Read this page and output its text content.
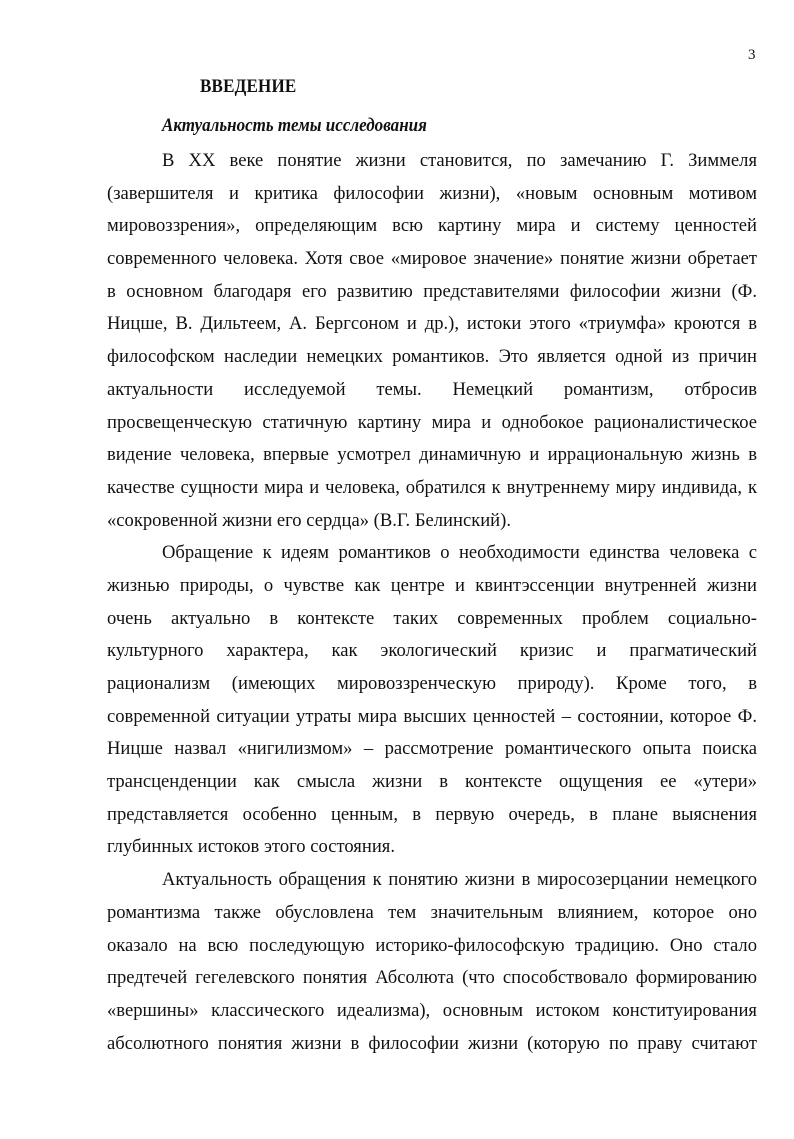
3
ВВЕДЕНИЕ
Актуальность темы исследования
В XX веке понятие жизни становится, по замечанию Г. Зиммеля
(завершителя и критика философии жизни), «новым основным мотивом
мировоззрения», определяющим всю картину мира и систему ценностей
современного человека. Хотя свое «мировое значение» понятие жизни обретает
в основном благодаря его развитию представителями философии жизни (Ф.
Ницше, В. Дильтеем, А. Бергсоном и др.), истоки этого «триумфа» кроются в
философском наследии немецких романтиков. Это является одной из причин
актуальности исследуемой темы. Немецкий романтизм, отбросив
просвещенческую статичную картину мира и однобокое рационалистическое
видение человека, впервые усмотрел динамичную и иррациональную жизнь в
качестве сущности мира и человека, обратился к внутреннему миру индивида, к
«сокровенной жизни его сердца» (В.Г. Белинский).
Обращение к идеям романтиков о необходимости единства человека с
жизнью природы, о чувстве как центре и квинтэссенции внутренней жизни
очень актуально в контексте таких современных проблем социально-
культурного характера, как экологический кризис и прагматический
рационализм (имеющих мировоззренческую природу). Кроме того, в
современной ситуации утраты мира высших ценностей – состоянии, которое Ф.
Ницше назвал «нигилизмом» – рассмотрение романтического опыта поиска
трансценденции как смысла жизни в контексте ощущения ее «утери»
представляется особенно ценным, в первую очередь, в плане выяснения
глубинных истоков этого состояния.
Актуальность обращения к понятию жизни в миросозерцании немецкого
романтизма также обусловлена тем значительным влиянием, которое оно
оказало на всю последующую историко-философскую традицию. Оно стало
предтечей гегелевского понятия Абсолюта (что способствовало формированию
«вершины» классического идеализма), основным истоком конституирования
абсолютного понятия жизни в философии жизни (которую по праву считают
